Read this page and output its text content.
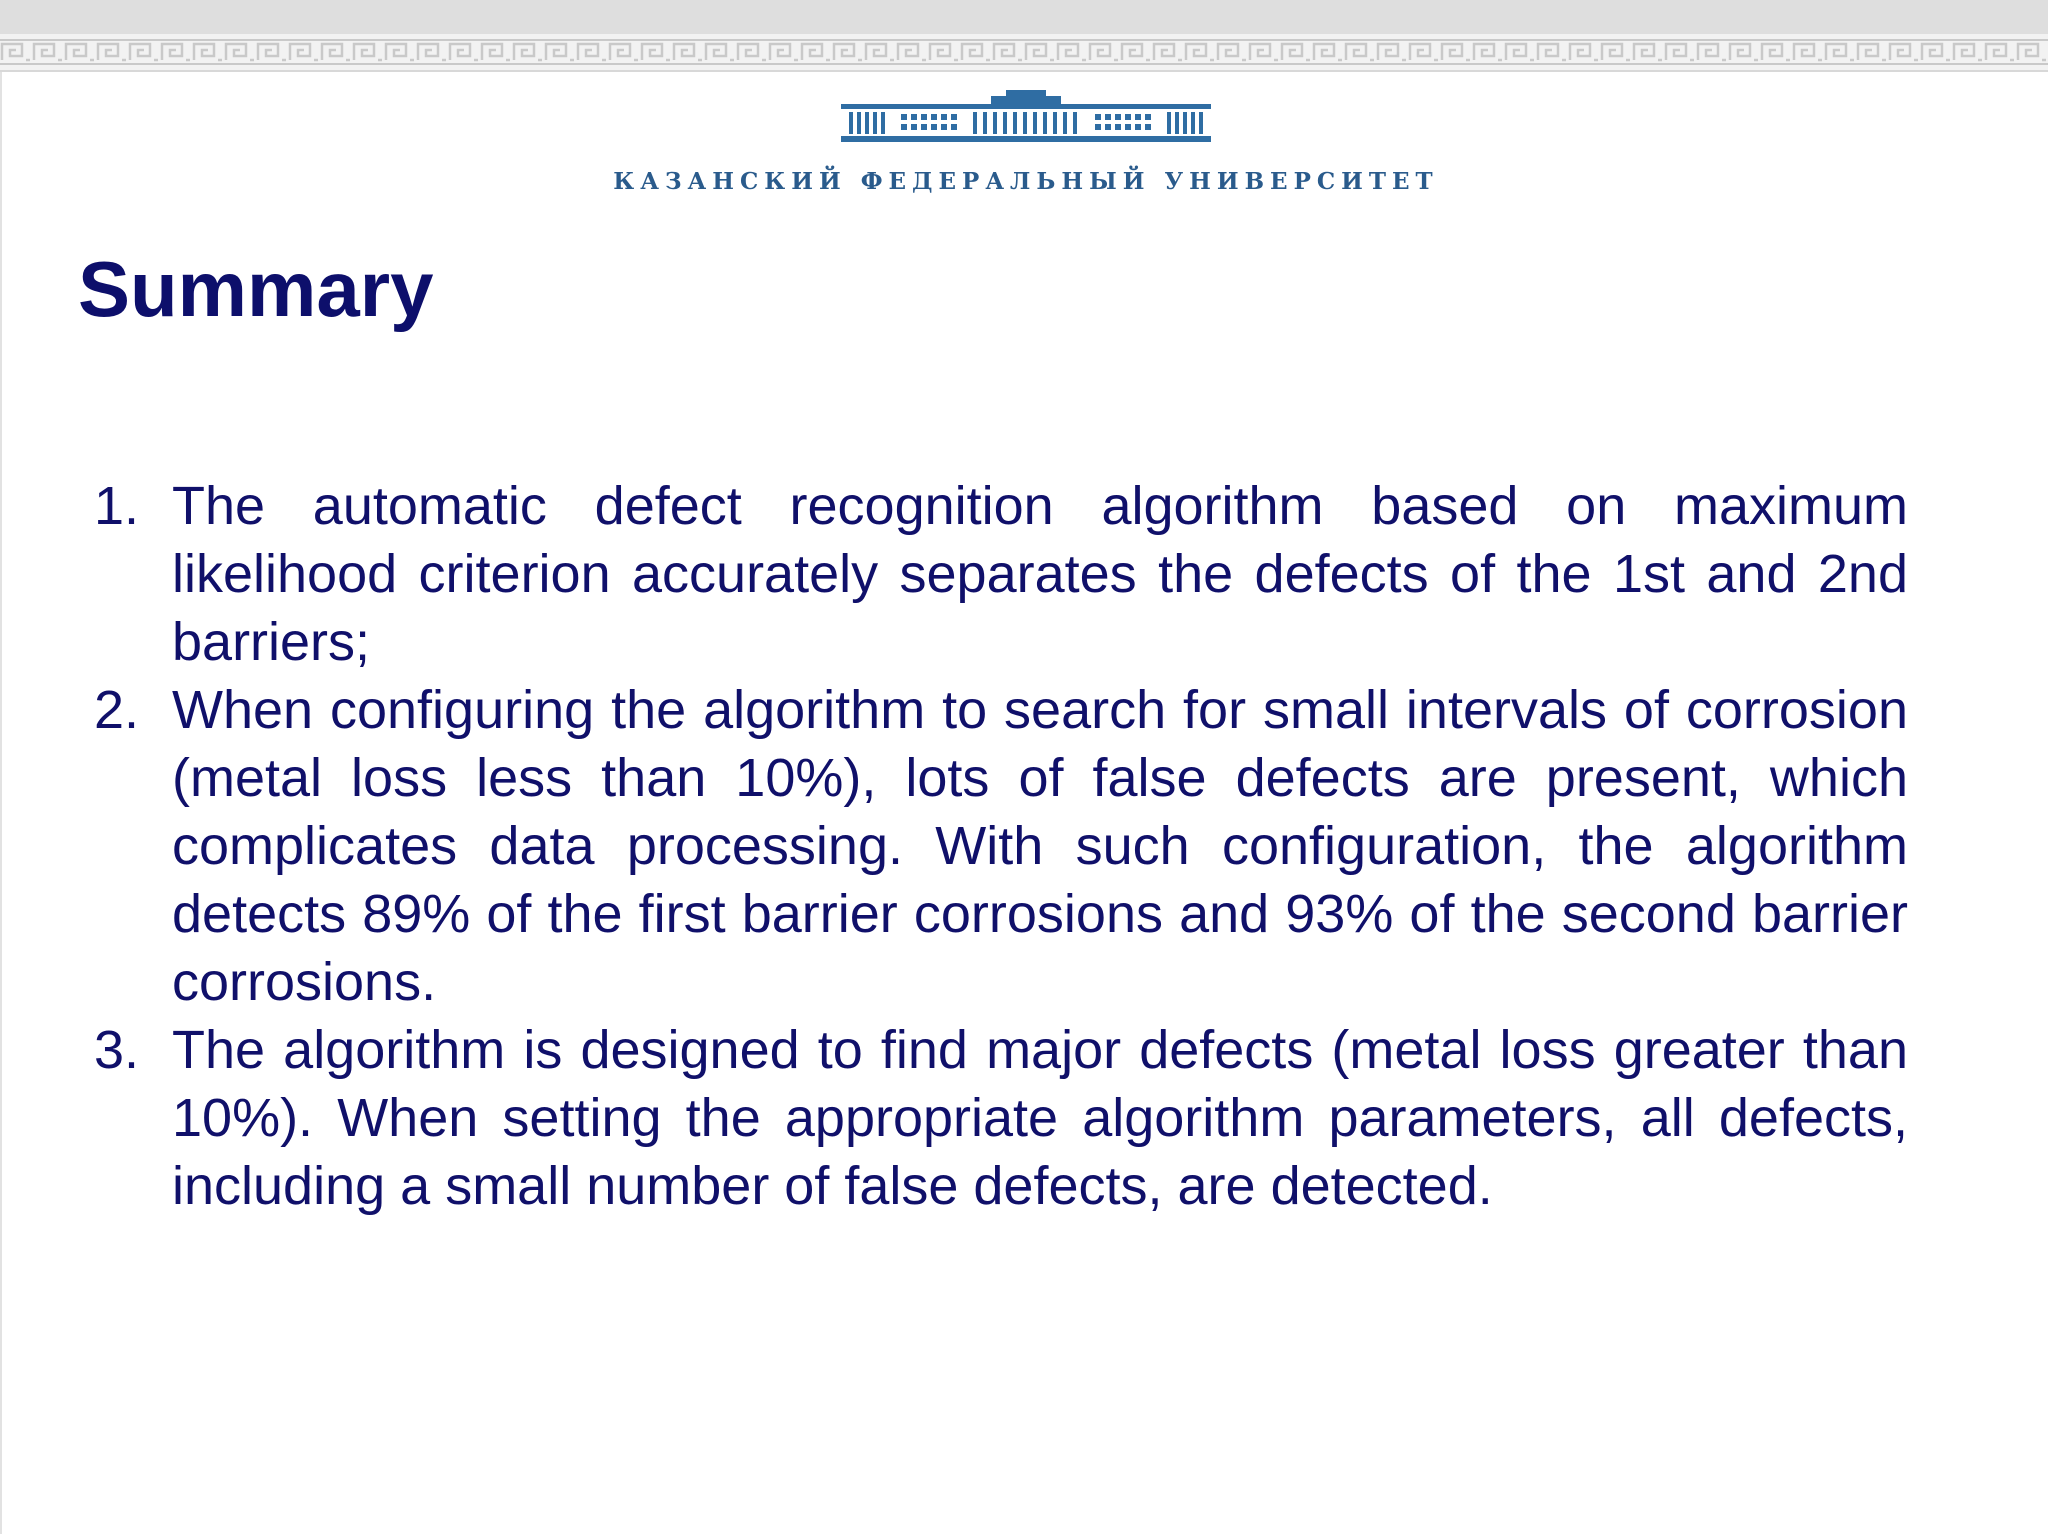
КАЗАНСКИЙ ФЕДЕРАЛЬНЫЙ УНИВЕРСИТЕТ
Summary
1. The automatic defect recognition algorithm based on maximum likelihood criterion accurately separates the defects of the 1st and 2nd barriers;
2. When configuring the algorithm to search for small intervals of corrosion (metal loss less than 10%), lots of false defects are present, which complicates data processing. With such configuration, the algorithm detects 89% of the first barrier corrosions and 93% of the second barrier corrosions.
3. The algorithm is designed to find major defects (metal loss greater than 10%). When setting the appropriate algorithm parameters, all defects, including a small number of false defects, are detected.
